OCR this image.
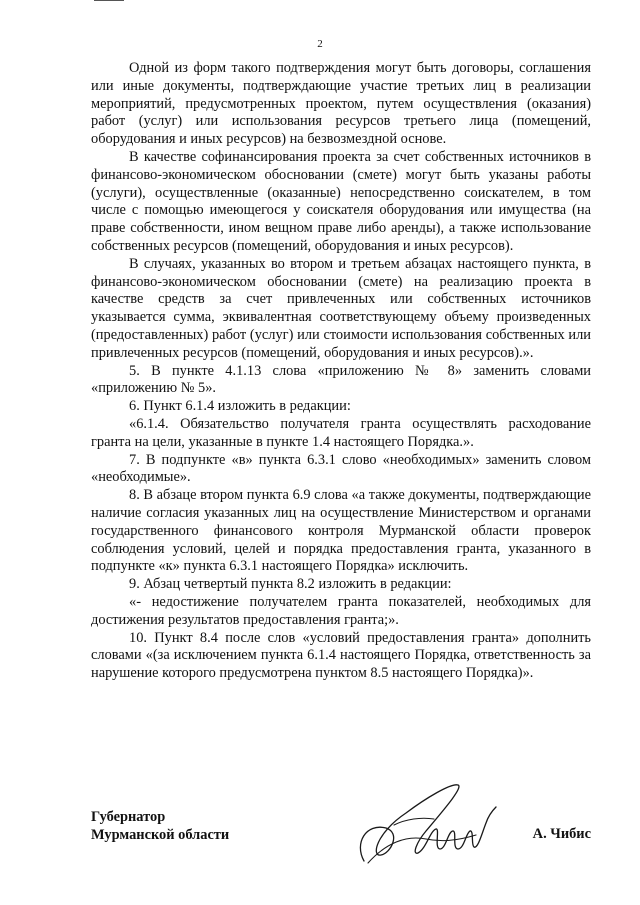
2

Одной из форм такого подтверждения могут быть договоры, соглашения или иные документы, подтверждающие участие третьих лиц в реализации мероприятий, предусмотренных проектом, путем осуществления (оказания) работ (услуг) или использования ресурсов третьего лица (помещений, оборудования и иных ресурсов) на безвозмездной основе.

В качестве софинансирования проекта за счет собственных источников в финансово-экономическом обосновании (смете) могут быть указаны работы (услуги), осуществленные (оказанные) непосредственно соискателем, в том числе с помощью имеющегося у соискателя оборудования или имущества (на праве собственности, ином вещном праве либо аренды), а также использование собственных ресурсов (помещений, оборудования и иных ресурсов).

В случаях, указанных во втором и третьем абзацах настоящего пункта, в финансово-экономическом обосновании (смете) на реализацию проекта в качестве средств за счет привлеченных или собственных источников указывается сумма, эквивалентная соответствующему объему произведенных (предоставленных) работ (услуг) или стоимости использования собственных или привлеченных ресурсов (помещений, оборудования и иных ресурсов).».

5. В пункте 4.1.13 слова «приложению № 8» заменить словами «приложению № 5».

6. Пункт 6.1.4 изложить в редакции:

«6.1.4. Обязательство получателя гранта осуществлять расходование гранта на цели, указанные в пункте 1.4 настоящего Порядка.».

7. В подпункте «в» пункта 6.3.1 слово «необходимых» заменить словом «необходимые».

8. В абзаце втором пункта 6.9 слова «а также документы, подтверждающие наличие согласия указанных лиц на осуществление Министерством и органами государственного финансового контроля Мурманской области проверок соблюдения условий, целей и порядка предоставления гранта, указанного в подпункте «к» пункта 6.3.1 настоящего Порядка» исключить.

9. Абзац четвертый пункта 8.2 изложить в редакции:

«- недостижение получателем гранта показателей, необходимых для достижения результатов предоставления гранта;».

10. Пункт 8.4 после слов «условий предоставления гранта» дополнить словами «(за исключением пункта 6.1.4 настоящего Порядка, ответственность за нарушение которого предусмотрена пунктом 8.5 настоящего Порядка)».

Губернатор
Мурманской области	А. Чибис
